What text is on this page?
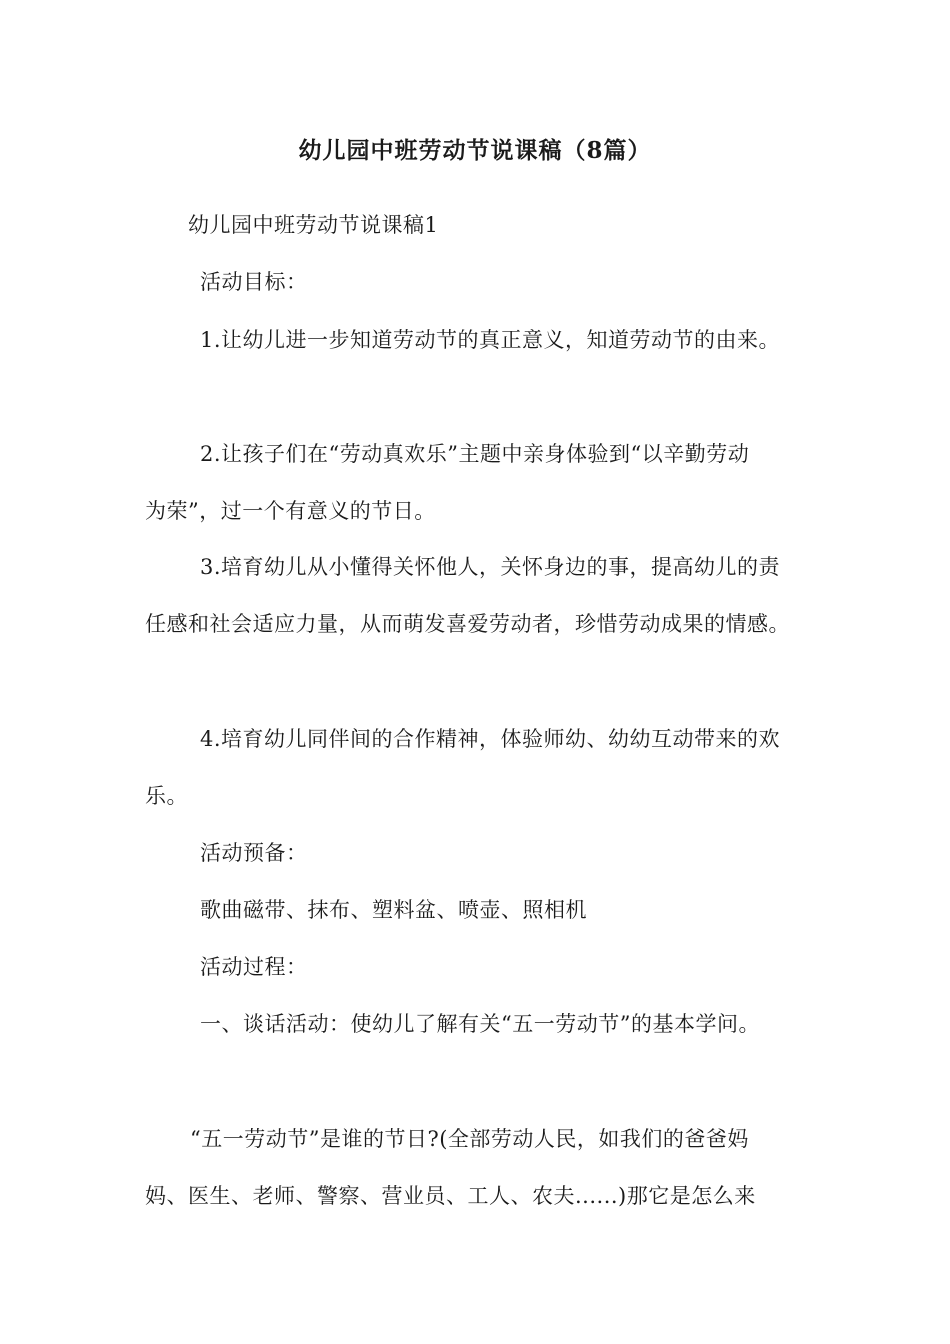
幼儿园中班劳动节说课稿（8篇）
幼儿园中班劳动节说课稿1
活动目标：
1.让幼儿进一步知道劳动节的真正意义，知道劳动节的由来。
2.让孩子们在“劳动真欢乐”主题中亲身体验到“以辛勤劳动
为荣”，过一个有意义的节日。
3.培育幼儿从小懂得关怀他人，关怀身边的事，提高幼儿的责
任感和社会适应力量，从而萌发喜爱劳动者，珍惜劳动成果的情感。
4.培育幼儿同伴间的合作精神，体验师幼、幼幼互动带来的欢
乐。
活动预备：
歌曲磁带、抹布、塑料盆、喷壶、照相机
活动过程：
一、谈话活动：使幼儿了解有关“五一劳动节”的基本学问。
“五一劳动节”是谁的节日?(全部劳动人民，如我们的爸爸妈
妈、医生、老师、警察、营业员、工人、农夫......)那它是怎么来
